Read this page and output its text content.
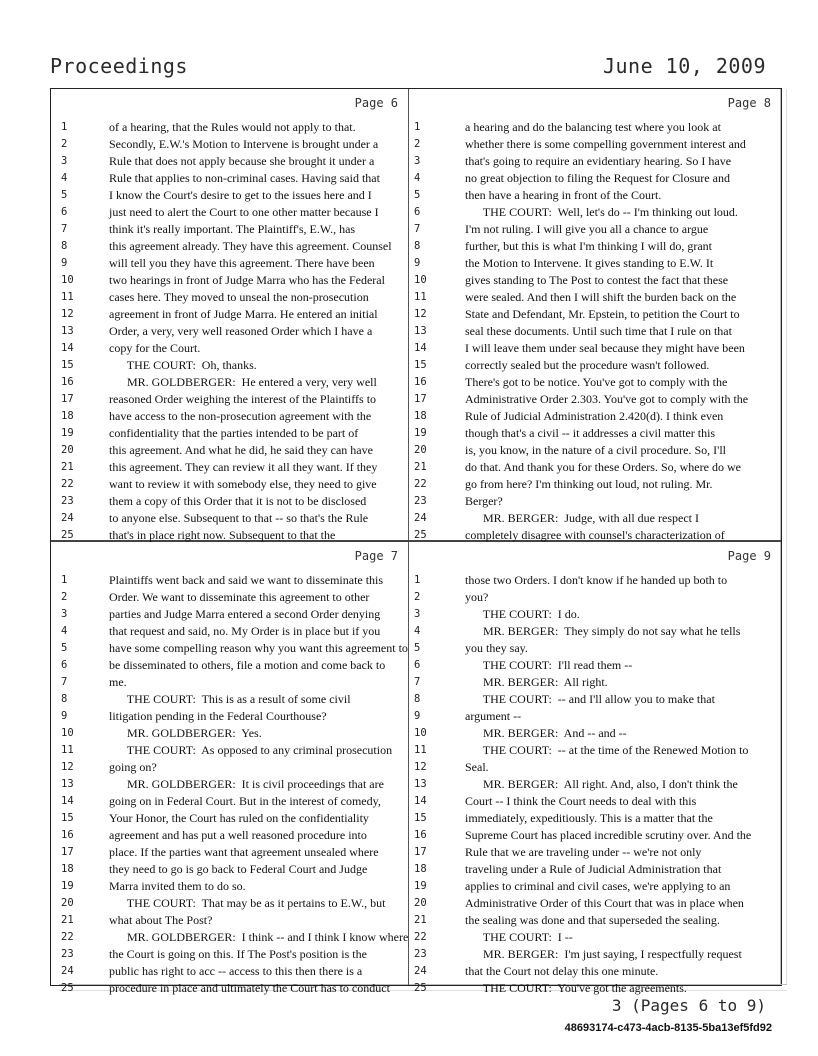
Proceedings	June 10, 2009
Page 6
1	of a hearing, that the Rules would not apply to that.
2	Secondly, E.W.'s Motion to Intervene is brought under a
3	Rule that does not apply because she brought it under a
4	Rule that applies to non-criminal cases. Having said that
5	I know the Court's desire to get to the issues here and I
6	just need to alert the Court to one other matter because I
7	think it's really important. The Plaintiff's, E.W., has
8	this agreement already. They have this agreement. Counsel
9	will tell you they have this agreement. There have been
10	two hearings in front of Judge Marra who has the Federal
11	cases here. They moved to unseal the non-prosecution
12	agreement in front of Judge Marra. He entered an initial
13	Order, a very, very well reasoned Order which I have a
14	copy for the Court.
15	THE COURT:  Oh, thanks.
16	MR. GOLDBERGER:  He entered a very, very well
17	reasoned Order weighing the interest of the Plaintiffs to
18	have access to the non-prosecution agreement with the
19	confidentiality that the parties intended to be part of
20	this agreement. And what he did, he said they can have
21	this agreement. They can review it all they want. If they
22	want to review it with somebody else, they need to give
23	them a copy of this Order that it is not to be disclosed
24	to anyone else. Subsequent to that -- so that's the Rule
25	that's in place right now. Subsequent to that the
Page 8
1	a hearing and do the balancing test where you look at
2	whether there is some compelling government interest and
3	that's going to require an evidentiary hearing. So I have
4	no great objection to filing the Request for Closure and
5	then have a hearing in front of the Court.
6	THE COURT:  Well, let's do -- I'm thinking out loud.
7	I'm not ruling. I will give you all a chance to argue
8	further, but this is what I'm thinking I will do, grant
9	the Motion to Intervene. It gives standing to E.W. It
10	gives standing to The Post to contest the fact that these
11	were sealed. And then I will shift the burden back on the
12	State and Defendant, Mr. Epstein, to petition the Court to
13	seal these documents. Until such time that I rule on that
14	I will leave them under seal because they might have been
15	correctly sealed but the procedure wasn't followed.
16	There's got to be notice. You've got to comply with the
17	Administrative Order 2.303. You've got to comply with the
18	Rule of Judicial Administration 2.420(d). I think even
19	though that's a civil -- it addresses a civil matter this
20	is, you know, in the nature of a civil procedure. So, I'll
21	do that. And thank you for these Orders. So, where do we
22	go from here? I'm thinking out loud, not ruling. Mr.
23	Berger?
24	MR. BERGER:  Judge, with all due respect I
25	completely disagree with counsel's characterization of
Page 7
1	Plaintiffs went back and said we want to disseminate this
2	Order. We want to disseminate this agreement to other
3	parties and Judge Marra entered a second Order denying
4	that request and said, no. My Order is in place but if you
5	have some compelling reason why you want this agreement to
6	be disseminated to others, file a motion and come back to
7	me.
8	THE COURT:  This is as a result of some civil
9	litigation pending in the Federal Courthouse?
10	MR. GOLDBERGER:  Yes.
11	THE COURT:  As opposed to any criminal prosecution
12	going on?
13	MR. GOLDBERGER:  It is civil proceedings that are
14	going on in Federal Court. But in the interest of comedy,
15	Your Honor, the Court has ruled on the confidentiality
16	agreement and has put a well reasoned procedure into
17	place. If the parties want that agreement unsealed where
18	they need to go is go back to Federal Court and Judge
19	Marra invited them to do so.
20	THE COURT:  That may be as it pertains to E.W., but
21	what about The Post?
22	MR. GOLDBERGER:  I think -- and I think I know where
23	the Court is going on this. If The Post's position is the
24	public has right to acc -- access to this then there is a
25	procedure in place and ultimately the Court has to conduct
Page 9
1	those two Orders. I don't know if he handed up both to
2	you?
3	THE COURT:  I do.
4	MR. BERGER:  They simply do not say what he tells
5	you they say.
6	THE COURT:  I'll read them --
7	MR. BERGER:  All right.
8	THE COURT:  -- and I'll allow you to make that
9	argument --
10	MR. BERGER:  And -- and --
11	THE COURT:  -- at the time of the Renewed Motion to
12	Seal.
13	MR. BERGER:  All right. And, also, I don't think the
14	Court -- I think the Court needs to deal with this
15	immediately, expeditiously. This is a matter that the
16	Supreme Court has placed incredible scrutiny over. And the
17	Rule that we are traveling under -- we're not only
18	traveling under a Rule of Judicial Administration that
19	applies to criminal and civil cases, we're applying to an
20	Administrative Order of this Court that was in place when
21	the sealing was done and that superseded the sealing.
22	THE COURT:  I --
23	MR. BERGER:  I'm just saying, I respectfully request
24	that the Court not delay this one minute.
25	THE COURT:  You've got the agreements.
3 (Pages 6 to 9)
48693174-c473-4acb-8135-5ba13ef5fd92
